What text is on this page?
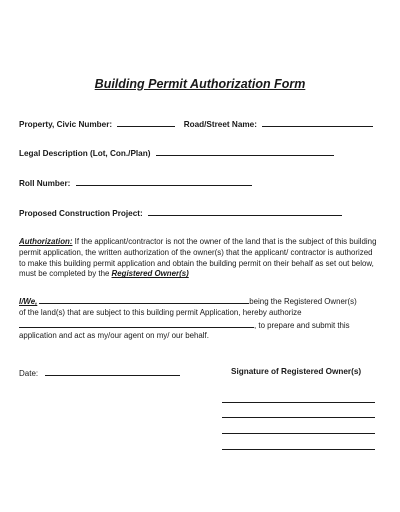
Building Permit Authorization Form
Property, Civic Number:	Road/Street Name:
Legal Description (Lot, Con./Plan)
Roll Number:
Proposed Construction Project:
Authorization: If the applicant/contractor is not the owner of the land that is the subject of this building permit application, the written authorization of the owner(s) that the applicant/ contractor is authorized to make this building permit application and obtain the building permit on their behalf as set out below, must be completed by the Registered Owner(s)
I/We,	being the Registered Owner(s)
of the land(s) that are subject to this building permit Application, hereby authorize
, to prepare and submit this
application and act as my/our agent on my/ our behalf.
Date:	Signature of Registered Owner(s)
